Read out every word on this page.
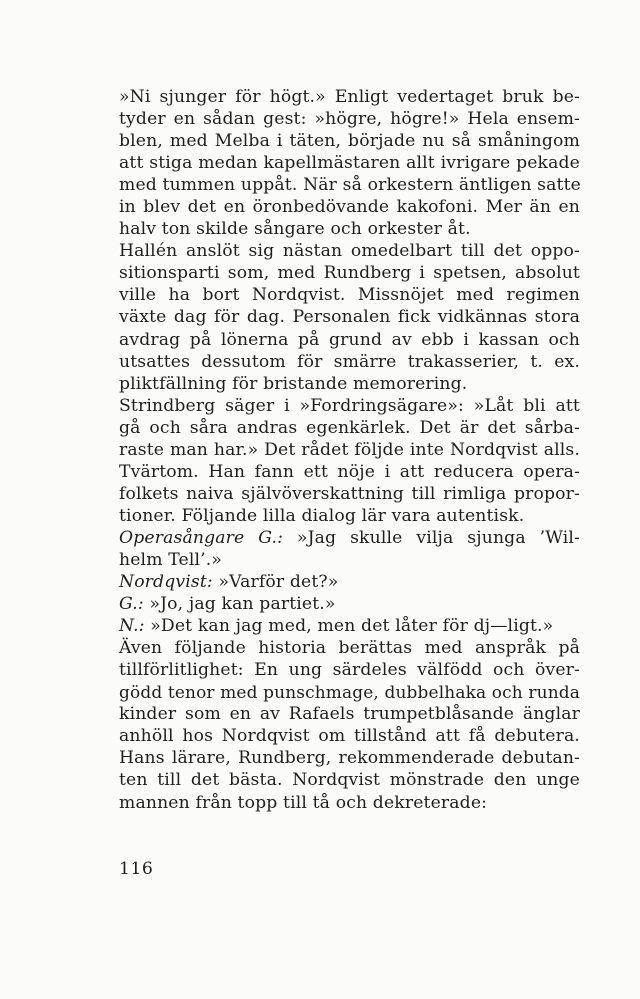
»Ni sjunger för högt.» Enligt vedertaget bruk be-
tyder en sådan gest: »högre, högre!» Hela ensem-
blen, med Melba i täten, började nu så småningom
att stiga medan kapellmästaren allt ivrigare pekade
med tummen uppåt. När så orkestern äntligen satte
in blev det en öronbedövande kakofoni. Mer än en
halv ton skilde sångare och orkester åt.
Hallén anslöt sig nästan omedelbart till det oppo-
sitionsparti som, med Rundberg i spetsen, absolut
ville ha bort Nordqvist. Missnöjet med regimen
växte dag för dag. Personalen fick vidkännas stora
avdrag på lönerna på grund av ebb i kassan och
utsattes dessutom för smärre trakasserier, t. ex.
pliktfällning för bristande memorering.
Strindberg säger i »Fordringsägare»: »Låt bli att
gå och såra andras egenkärlek. Det är det sårba-
raste man har.» Det rådet följde inte Nordqvist alls.
Tvärtom. Han fann ett nöje i att reducera opera-
folkets naiva självöverskattning till rimliga propor-
tioner. Följande lilla dialog lär vara autentisk.
Operasångare G.: »Jag skulle vilja sjunga ’Wil-
helm Tell’.»
Nordqvist: »Varför det?»
G.: »Jo, jag kan partiet.»
N.: »Det kan jag med, men det låter för dj—ligt.»
Även följande historia berättas med anspråk på
tillförlitlighet: En ung särdeles välfödd och över-
gödd tenor med punschmage, dubbelhaka och runda
kinder som en av Rafaels trumpetblåsande änglar
anhöll hos Nordqvist om tillstånd att få debutera.
Hans lärare, Rundberg, rekommenderade debutan-
ten till det bästa. Nordqvist mönstrade den unge
mannen från topp till tå och dekreterade:
116
